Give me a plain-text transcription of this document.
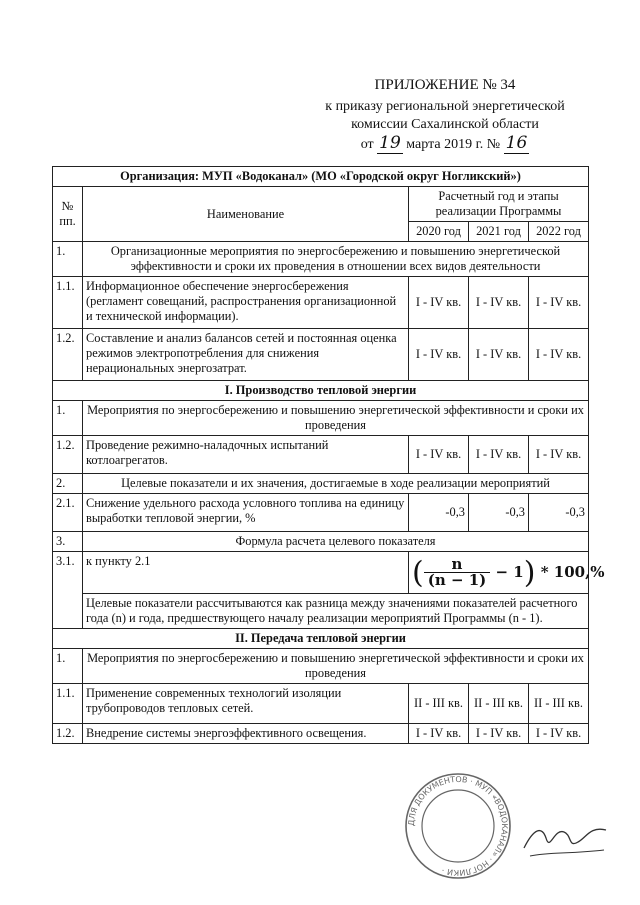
ПРИЛОЖЕНИЕ № 34
к приказу региональной энергетической
комиссии Сахалинской области
от 19 марта 2019 г. № 16
Организация: МУП «Водоканал» (МО «Городской округ Ногликский»)				
№ пп.	Наименование	Расчетный год и этапы реализации Программы		
		2020 год	2021 год	2022 год
1.	Организационные мероприятия по энергосбережению и повышению энергетической эффективности и сроки их проведения в отношении всех видов деятельности			
1.1.	Информационное обеспечение энергосбережения (регламент совещаний, распространения организационной и технической информации).	I - IV кв.	I - IV кв.	I - IV кв.
1.2.	Составление и анализ балансов сетей и постоянная оценка режимов электропотребления для снижения нерациональных энергозатрат.	I - IV кв.	I - IV кв.	I - IV кв.
I. Производство тепловой энергии				
1.	Мероприятия по энергосбережению и повышению энергетической эффективности и сроки их проведения			
1.2.	Проведение режимно-наладочных испытаний котлоагрегатов.	I - IV кв.	I - IV кв.	I - IV кв.
2.	Целевые показатели и их значения, достигаемые в ходе реализации мероприятий			
2.1.	Снижение удельного расхода условного топлива на единицу выработки тепловой энергии, %	-0,3	-0,3	-0,3
3.	Формула расчета целевого показателя			
3.1.	к пункту 2.1	( $\frac{n}{(n - 1)} - 1) * 100,\%$		
	Целевые показатели рассчитываются как разница между значениями показателей расчетного года (n) и года, предшествующего началу реализации мероприятий Программы (n - 1).			
II. Передача тепловой энергии				
1.	Мероприятия по энергосбережению и повышению энергетической эффективности и сроки их проведения			
1.1.	Применение современных технологий изоляции трубопроводов тепловых сетей.	II - III кв.	II - III кв.	II - III кв.
1.2.	Внедрение системы энергоэффективного освещения.	I - IV кв.	I - IV кв.	I - IV кв.
ДЛЯ ДОКУМЕНТОВ · МУП «ВОДОКАНАЛ» · НОГЛИКИ ·
